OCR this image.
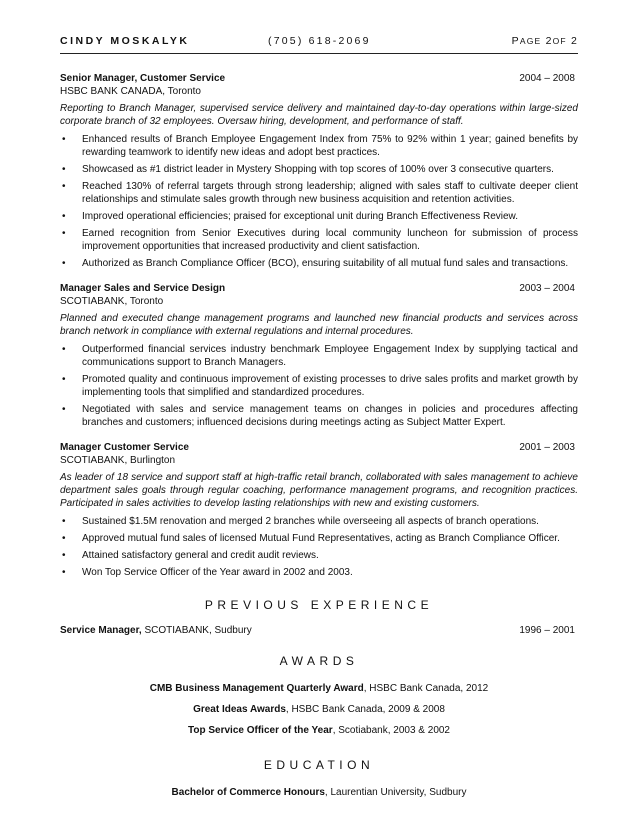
CINDY MOSKALYK	(705) 618-2069	PAGE 2OF 2
Senior Manager, Customer Service	2004 – 2008
HSBC BANK CANADA, Toronto
Reporting to Branch Manager, supervised service delivery and maintained day-to-day operations within large-sized corporate branch of 32 employees. Oversaw hiring, development, and performance of staff.
• Enhanced results of Branch Employee Engagement Index from 75% to 92% within 1 year; gained benefits by rewarding teamwork to identify new ideas and adopt best practices.
• Showcased as #1 district leader in Mystery Shopping with top scores of 100% over 3 consecutive quarters.
• Reached 130% of referral targets through strong leadership; aligned with sales staff to cultivate deeper client relationships and stimulate sales growth through new business acquisition and retention activities.
• Improved operational efficiencies; praised for exceptional unit during Branch Effectiveness Review.
• Earned recognition from Senior Executives during local community luncheon for submission of process improvement opportunities that increased productivity and client satisfaction.
• Authorized as Branch Compliance Officer (BCO), ensuring suitability of all mutual fund sales and transactions.
Manager Sales and Service Design	2003 – 2004
SCOTIABANK, Toronto
Planned and executed change management programs and launched new financial products and services across branch network in compliance with external regulations and internal procedures.
• Outperformed financial services industry benchmark Employee Engagement Index by supplying tactical and communications support to Branch Managers.
• Promoted quality and continuous improvement of existing processes to drive sales profits and market growth by implementing tools that simplified and standardized procedures.
• Negotiated with sales and service management teams on changes in policies and procedures affecting branches and customers; influenced decisions during meetings acting as Subject Matter Expert.
Manager Customer Service	2001 – 2003
SCOTIABANK, Burlington
As leader of 18 service and support staff at high-traffic retail branch, collaborated with sales management to achieve department sales goals through regular coaching, performance management programs, and recognition practices. Participated in sales activities to develop lasting relationships with new and existing customers.
• Sustained $1.5M renovation and merged 2 branches while overseeing all aspects of branch operations.
• Approved mutual fund sales of licensed Mutual Fund Representatives, acting as Branch Compliance Officer.
• Attained satisfactory general and credit audit reviews.
• Won Top Service Officer of the Year award in 2002 and 2003.
PREVIOUS EXPERIENCE
Service Manager, SCOTIABANK, Sudbury	1996 – 2001
AWARDS
CMB Business Management Quarterly Award, HSBC Bank Canada, 2012
Great Ideas Awards, HSBC Bank Canada, 2009 & 2008
Top Service Officer of the Year, Scotiabank, 2003 & 2002
EDUCATION
Bachelor of Commerce Honours, Laurentian University, Sudbury
